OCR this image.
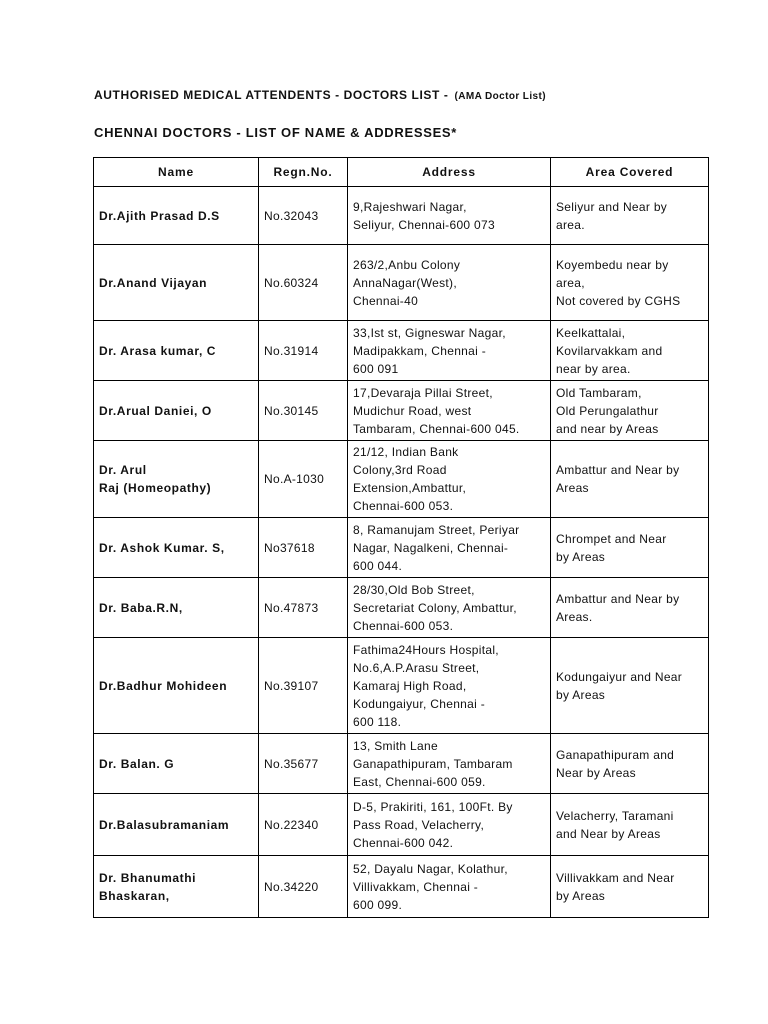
AUTHORISED MEDICAL ATTENDENTS - DOCTORS LIST - (AMA Doctor List)
CHENNAI DOCTORS - LIST OF NAME & ADDRESSES*
Name	Regn.No.	Address	Area Covered
Dr.Ajith Prasad D.S	No.32043	9,Rajeshwari Nagar,
Seliyur, Chennai-600 073	Seliyur and Near by
area.
Dr.Anand Vijayan	No.60324	263/2,Anbu Colony
AnnaNagar(West),
Chennai-40	Koyembedu near by
area,
Not covered by CGHS
Dr. Arasa kumar, C	No.31914	33,Ist st, Gigneswar Nagar,
Madipakkam, Chennai -
600 091	Keelkattalai,
Kovilarvakkam and
near by area.
Dr.Arual Daniei, O	No.30145	17,Devaraja Pillai Street,
Mudichur Road, west
Tambaram, Chennai-600 045.	Old Tambaram,
Old Perungalathur
and near by Areas
Dr. Arul
Raj (Homeopathy)	No.A-1030	21/12, Indian Bank
Colony,3rd Road
Extension,Ambattur,
Chennai-600 053.	Ambattur and Near by
Areas
Dr. Ashok Kumar. S,	No37618	8, Ramanujam Street, Periyar
Nagar, Nagalkeni, Chennai-
600 044.	Chrompet and Near
by Areas
Dr. Baba.R.N,	No.47873	28/30,Old Bob Street,
Secretariat Colony, Ambattur,
Chennai-600 053.	Ambattur and Near by
Areas.
Dr.Badhur Mohideen	No.39107	Fathima24Hours Hospital,
No.6,A.P.Arasu Street,
Kamaraj High Road,
Kodungaiyur, Chennai -
600 118.	Kodungaiyur and Near
by Areas
Dr. Balan. G	No.35677	13, Smith Lane
Ganapathipuram, Tambaram
East, Chennai-600 059.	Ganapathipuram and
Near by Areas
Dr.Balasubramaniam	No.22340	D-5, Prakiriti, 161, 100Ft. By
Pass Road, Velacherry,
Chennai-600 042.	Velacherry, Taramani
and Near by Areas
Dr. Bhanumathi
Bhaskaran,	No.34220	52, Dayalu Nagar, Kolathur,
Villivakkam, Chennai -
600 099.	Villivakkam and Near
by Areas
